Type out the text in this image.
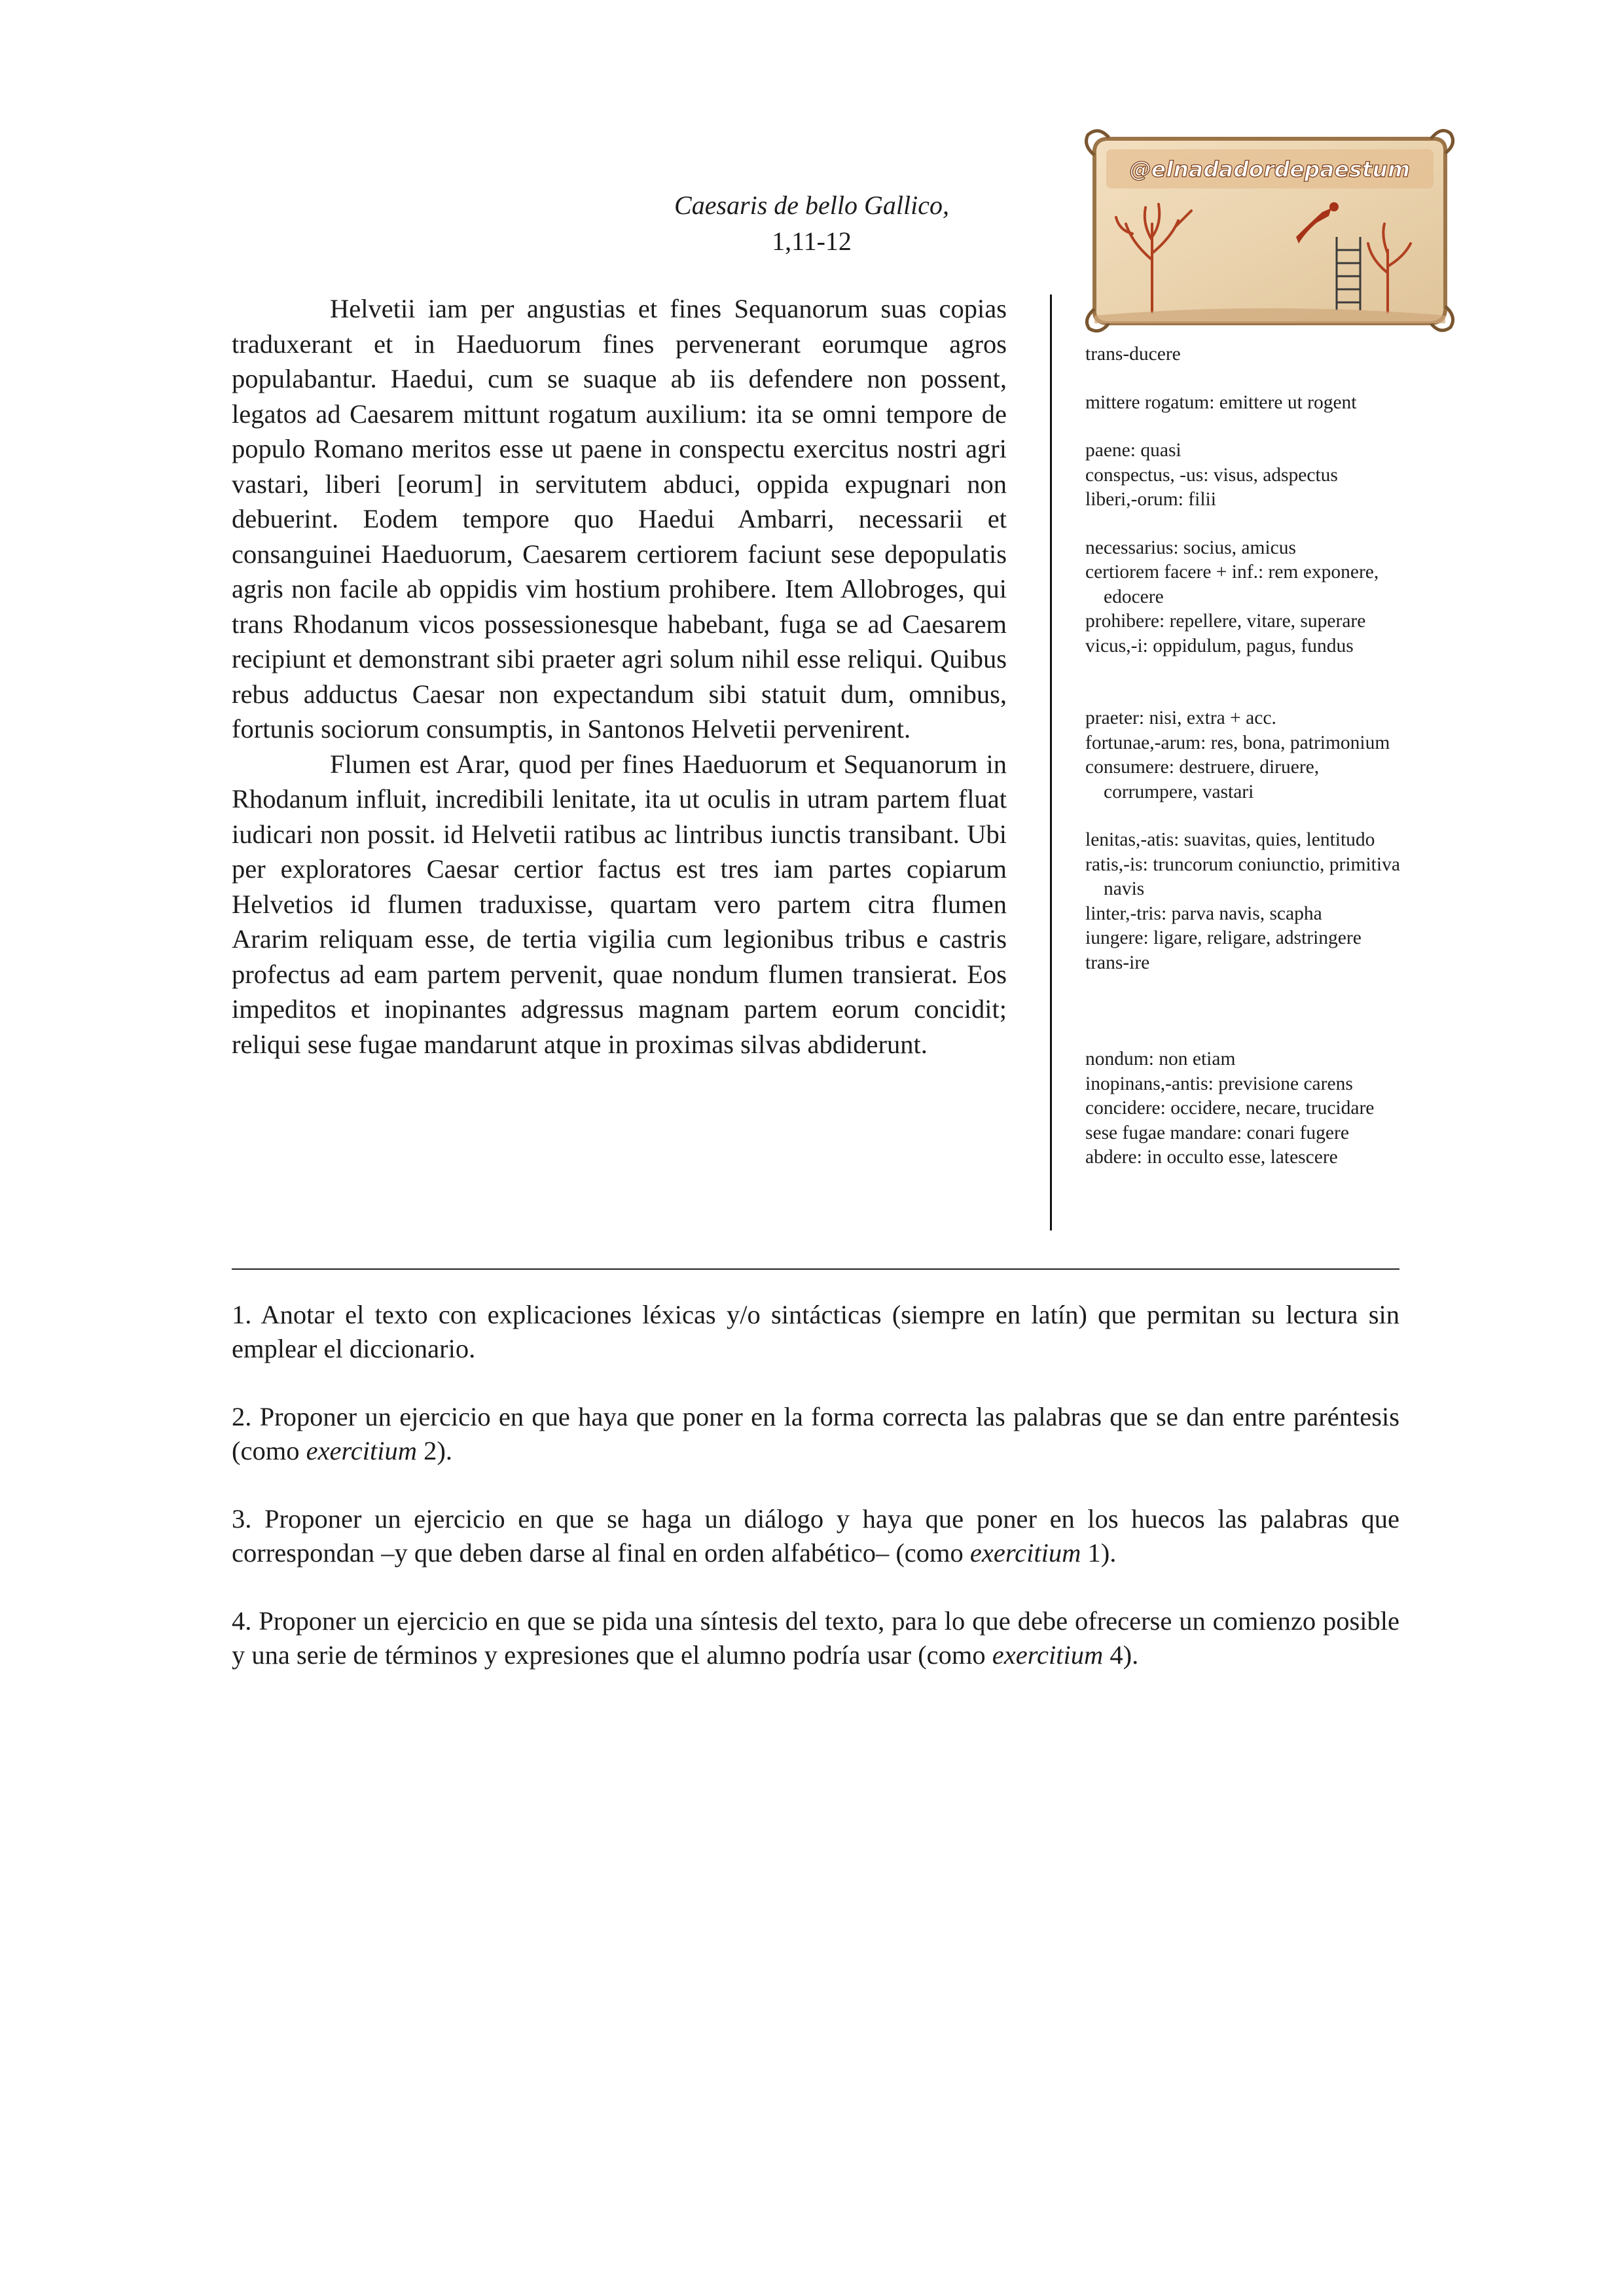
Caesaris de bello Gallico,
1,11-12

Helvetii iam per angustias et fines Sequanorum suas copias traduxerant et in Haeduorum fines pervenerant eorumque agros populabantur. Haedui, cum se suaque ab iis defendere non possent, legatos ad Caesarem mittunt rogatum auxilium: ita se omni tempore de populo Romano meritos esse ut paene in conspectu exercitus nostri agri vastari, liberi [eorum] in servitutem abduci, oppida expugnari non debuerint. Eodem tempore quo Haedui Ambarri, necessarii et consanguinei Haeduorum, Caesarem certiorem faciunt sese depopulatis agris non facile ab oppidis vim hostium prohibere. Item Allobroges, qui trans Rhodanum vicos possessionesque habebant, fuga se ad Caesarem recipiunt et demonstrant sibi praeter agri solum nihil esse reliqui. Quibus rebus adductus Caesar non expectandum sibi statuit dum, omnibus, fortunis sociorum consumptis, in Santonos Helvetii pervenirent.

Flumen est Arar, quod per fines Haeduorum et Sequanorum in Rhodanum influit, incredibili lenitate, ita ut oculis in utram partem fluat iudicari non possit. id Helvetii ratibus ac lintribus iunctis transibant. Ubi per exploratores Caesar certior factus est tres iam partes copiarum Helvetios id flumen traduxisse, quartam vero partem citra flumen Ararim reliquam esse, de tertia vigilia cum legionibus tribus e castris profectus ad eam partem pervenit, quae nondum flumen transierat. Eos impeditos et inopinantes adgressus magnam partem eorum concidit; reliqui sese fugae mandarunt atque in proximas silvas abdiderunt.

@elnadadordepaestum
trans-ducere
mittere rogatum: emittere ut rogent
paene: quasi
conspectus, -us: visus, adspectus
liberi,-orum: filii
necessarius: socius, amicus
certiorem facere + inf.: rem exponere,
edocere
prohibere: repellere, vitare, superare
vicus,-i: oppidulum, pagus, fundus
praeter: nisi, extra + acc.
fortunae,-arum: res, bona, patrimonium
consumere: destruere, diruere,
corrumpere, vastari
lenitas,-atis: suavitas, quies, lentitudo
ratis,-is: truncorum coniunctio, primitiva
navis
linter,-tris: parva navis, scapha
iungere: ligare, religare, adstringere
trans-ire
nondum: non etiam
inopinans,-antis: previsione carens
concidere: occidere, necare, trucidare
sese fugae mandare: conari fugere
abdere: in occulto esse, latescere

1. Anotar el texto con explicaciones léxicas y/o sintácticas (siempre en latín) que permitan su lectura sin emplear el diccionario.

2. Proponer un ejercicio en que haya que poner en la forma correcta las palabras que se dan entre paréntesis (como exercitium 2).

3. Proponer un ejercicio en que se haga un diálogo y haya que poner en los huecos las palabras que correspondan –y que deben darse al final en orden alfabético– (como exercitium 1).

4. Proponer un ejercicio en que se pida una síntesis del texto, para lo que debe ofrecerse un comienzo posible y una serie de términos y expresiones que el alumno podría usar (como exercitium 4).
